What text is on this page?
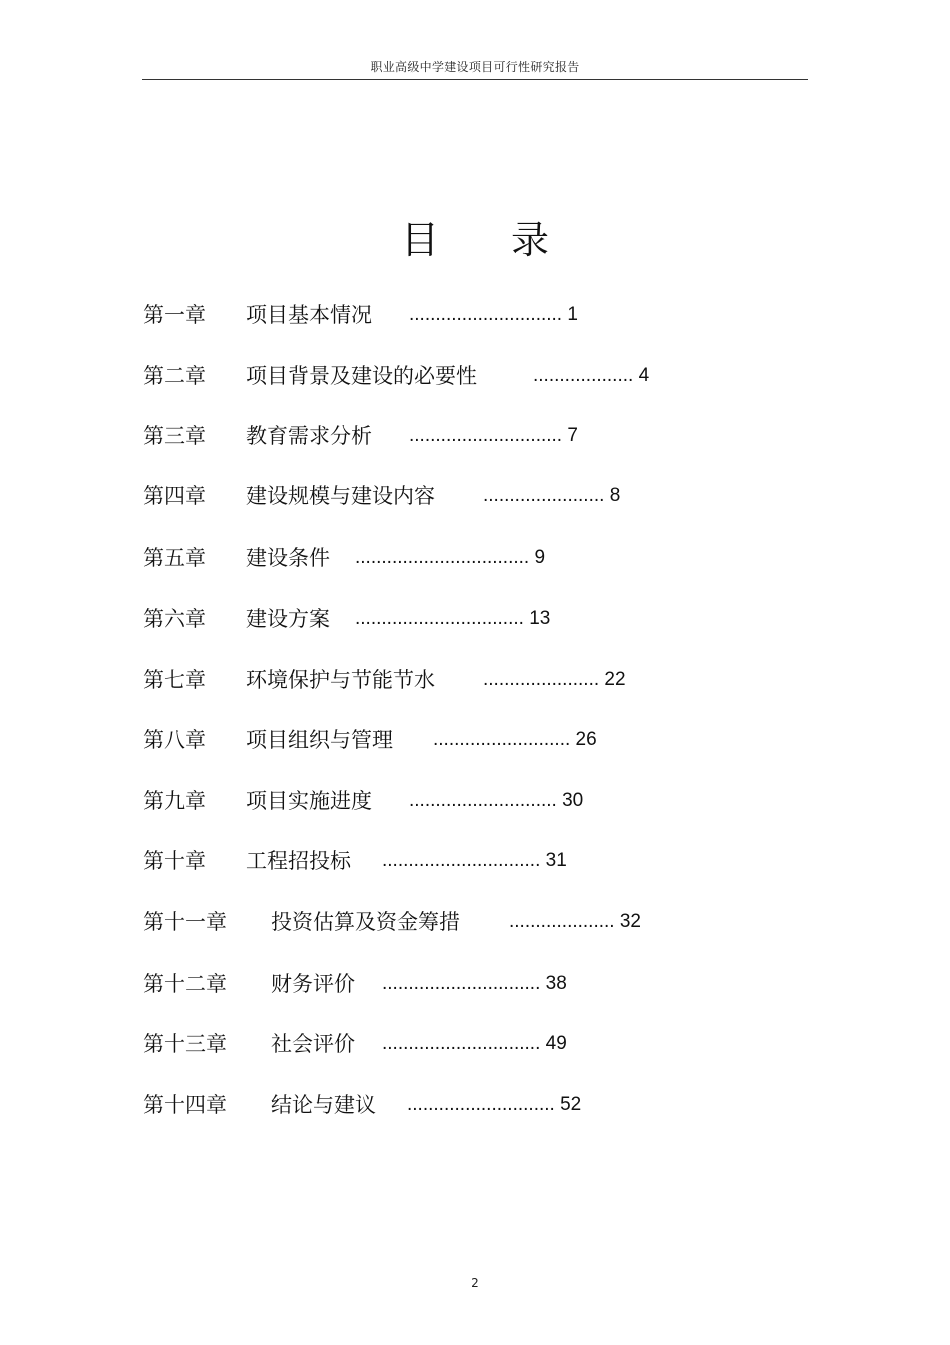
职业高级中学建设项目可行性研究报告
目 录
第一章 项目基本情况 ............................. 1
第二章 项目背景及建设的必要性	................... 4
第三章 教育需求分析 ............................. 7
第四章 建设规模与建设内容	....................... 8
第五章 建设条件 ................................. 9
第六章 建设方案 ................................ 13
第七章 环境保护与节能节水	...................... 22
第八章 项目组织与管理 .......................... 26
第九章 项目实施进度 ............................ 30
第十章 工程招投标 .............................. 31
第十一章 投资估算及资金筹措	.................... 32
第十二章 财务评价 .............................. 38
第十三章 社会评价 .............................. 49
第十四章 结论与建议 ............................ 52
2
